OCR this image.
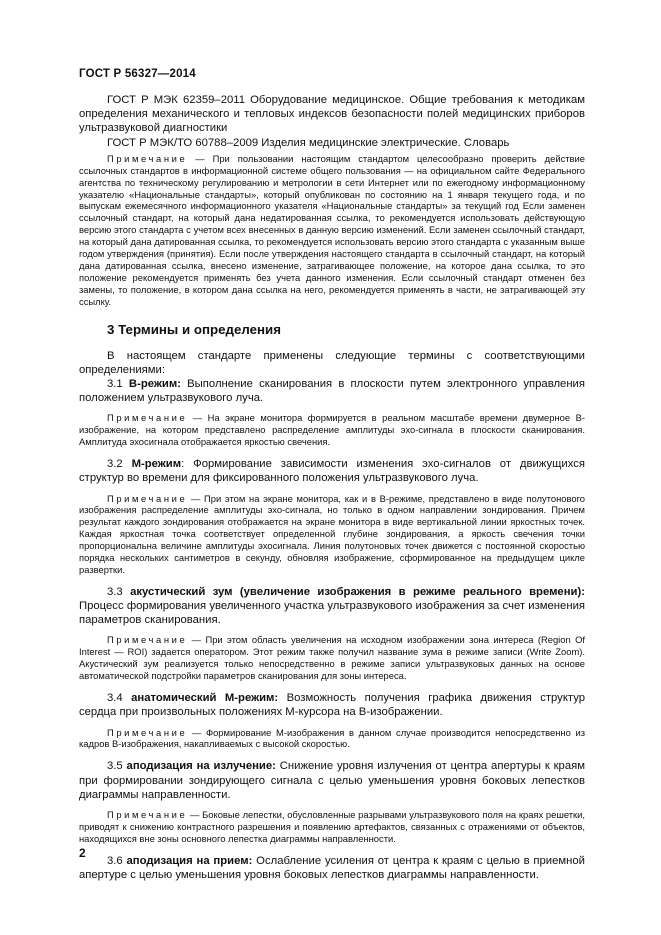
ГОСТ Р 56327—2014

ГОСТ Р МЭК 62359–2011 Оборудование медицинское. Общие требования к методикам определения механического и тепловых индексов безопасности полей медицинских приборов ультразвуковой диагностики

ГОСТ Р МЭК/ТО 60788–2009 Изделия медицинские электрические. Словарь

Примечание — При пользовании настоящим стандартом целесообразно проверить действие ссылочных стандартов в информационной системе общего пользования — на официальном сайте Федерального агентства по техническому регулированию и метрологии в сети Интернет или по ежегодному информационному указателю «Национальные стандарты», который опубликован по состоянию на 1 января текущего года, и по выпускам ежемесячного информационного указателя «Национальные стандарты» за текущий год Если заменен ссылочный стандарт, на который дана недатированная ссылка, то рекомендуется использовать действующую версию этого стандарта с учетом всех внесенных в данную версию изменений. Если заменен ссылочный стандарт, на который дана датированная ссылка, то рекомендуется использовать версию этого стандарта с указанным выше годом утверждения (принятия). Если после утверждения настоящего стандарта в ссылочный стандарт, на который дана датированная ссылка, внесено изменение, затрагивающее положение, на которое дана ссылка, то это положение рекомендуется применять без учета данного изменения. Если ссылочный стандарт отменен без замены, то положение, в котором дана ссылка на него, рекомендуется применять в части, не затрагивающей эту ссылку.

3 Термины и определения

В настоящем стандарте применены следующие термины с соответствующими определениями:

3.1 В-режим: Выполнение сканирования в плоскости путем электронного управления положением ультразвукового луча.

Примечание — На экране монитора формируется в реальном масштабе времени двумерное В-изображение, на котором представлено распределение амплитуды эхо-сигнала в плоскости сканирования. Амплитуда эхосигнала отображается яркостью свечения.

3.2 М-режим: Формирование зависимости изменения эхо-сигналов от движущихся структур во времени для фиксированного положения ультразвукового луча.

Примечание — При этом на экране монитора, как и в В-режиме, представлено в виде полутонового изображения распределение амплитуды эхо-сигнала, но только в одном направлении зондирования. Причем результат каждого зондирования отображается на экране монитора в виде вертикальной линии яркостных точек. Каждая яркостная точка соответствует определенной глубине зондирования, а яркость свечения точки пропорциональна величине амплитуды эхосигнала. Линия полутоновых точек движется с постоянной скоростью порядка нескольких сантиметров в секунду, обновляя изображение, сформированное на предыдущем цикле развертки.

3.3 акустический зум (увеличение изображения в режиме реального времени): Процесс формирования увеличенного участка ультразвукового изображения за счет изменения параметров сканирования.

Примечание — При этом область увеличения на исходном изображении зона интереса (Region Of Interest — ROI) задается оператором. Этот режим также получил название зума в режиме записи (Write Zoom). Акустический зум реализуется только непосредственно в режиме записи ультразвуковых данных на основе автоматической подстройки параметров сканирования для зоны интереса.

3.4 анатомический М-режим: Возможность получения графика движения структур сердца при произвольных положениях М-курсора на В-изображении.

Примечание — Формирование М-изображения в данном случае производится непосредственно из кадров В-изображения, накапливаемых с высокой скоростью.

3.5 аподизация на излучение: Снижение уровня излучения от центра апертуры к краям при формировании зондирующего сигнала с целью уменьшения уровня боковых лепестков диаграммы направленности.

Примечание — Боковые лепестки, обусловленные разрывами ультразвукового поля на краях решетки, приводят к снижению контрастного разрешения и появлению артефактов, связанных с отражениями от объектов, находящихся вне зоны основного лепестка диаграммы направленности.

3.6 аподизация на прием: Ослабление усиления от центра к краям с целью в приемной апертуре с целью уменьшения уровня боковых лепестков диаграммы направленности.

2
